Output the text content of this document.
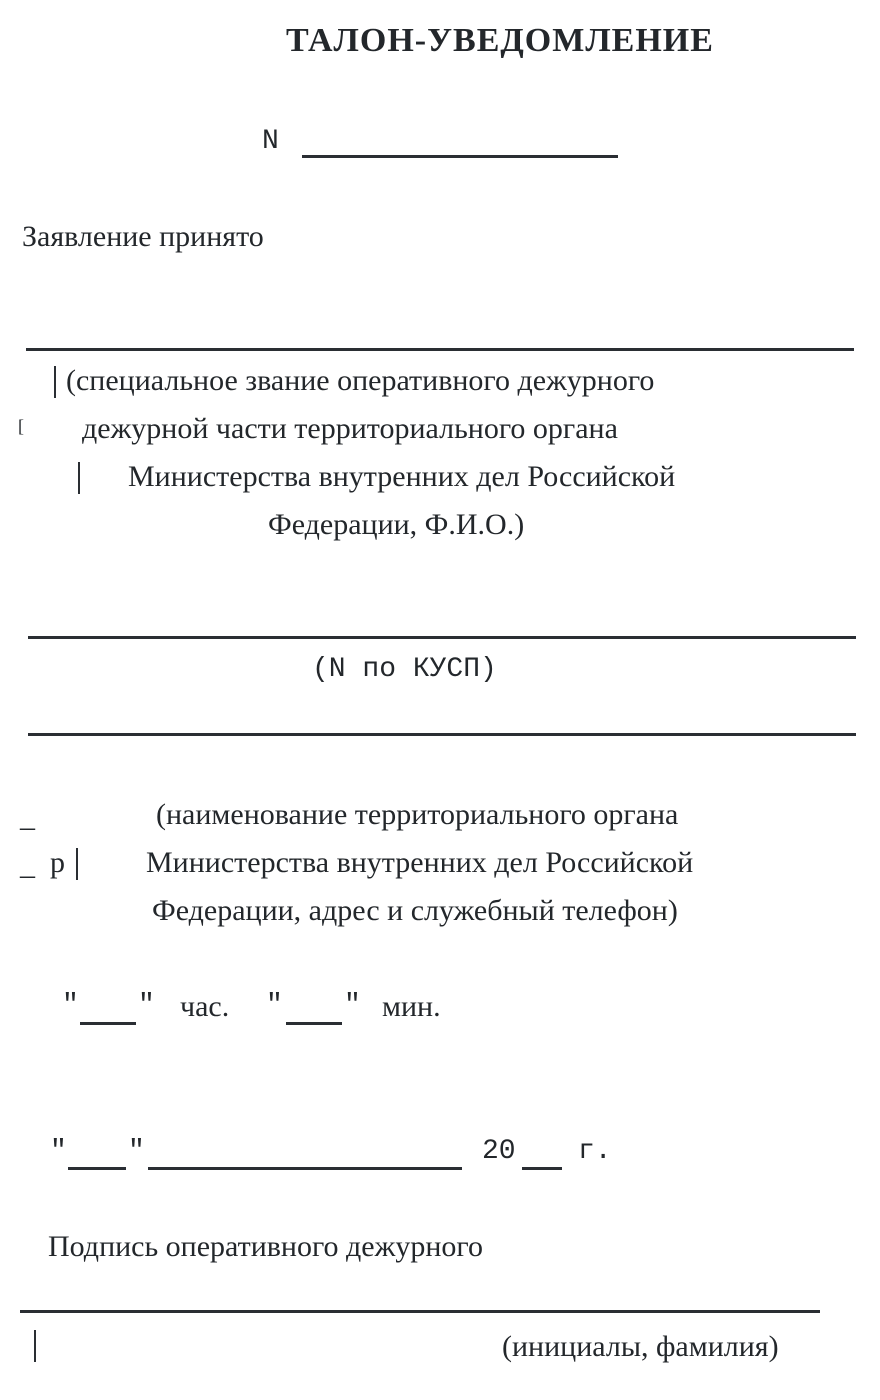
ТАЛОН-УВЕДОМЛЕНИЕ
N
Заявление принято
(специальное звание оперативного дежурного
[ дежурной части территориального органа
Министерства внутренних дел Российской
Федерации, Ф.И.О.)
(N по КУСП)
_	(наименование территориального органа
_ р	Министерства внутренних дел Российской
Федерации, адрес и служебный телефон)
" " час. " " мин.
" "	20 г.
Подпись оперативного дежурного
(инициалы, фамилия)
